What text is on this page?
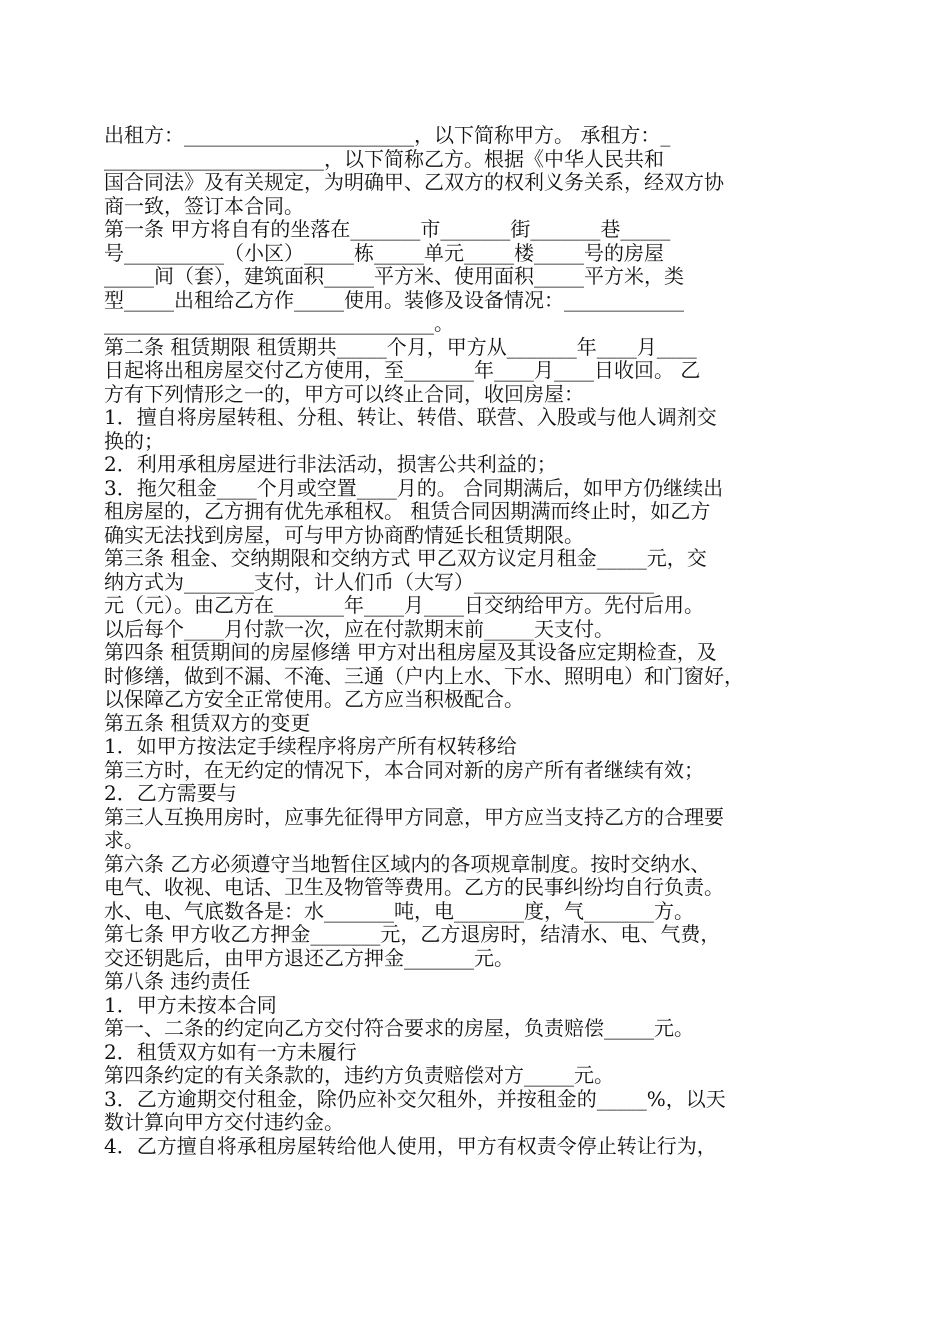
出租方：_______________________，以下简称甲方。 承租方：_
______________________，以下简称乙方。根据《中华人民共和
国合同法》及有关规定，为明确甲、乙双方的权利义务关系，经双方协
商一致，签订本合同。
第一条 甲方将自有的坐落在_______市_______街_______巷_____
号__________（小区）_____栋_____单元_____楼_____号的房屋
_____间（套），建筑面积_____平方米、使用面积_____平方米，类
型_____出租给乙方作_____使用。装修及设备情况：____________
_________________________________。
第二条 租赁期限 租赁期共_____个月，甲方从_______年____月____
日起将出租房屋交付乙方使用，至_______年____月____日收回。 乙
方有下列情形之一的，甲方可以终止合同，收回房屋：
1．擅自将房屋转租、分租、转让、转借、联营、入股或与他人调剂交
换的；
2．利用承租房屋进行非法活动，损害公共利益的；
3．拖欠租金____个月或空置____月的。 合同期满后，如甲方仍继续出
租房屋的，乙方拥有优先承租权。 租赁合同因期满而终止时，如乙方
确实无法找到房屋，可与甲方协商酌情延长租赁期限。
第三条 租金、交纳期限和交纳方式 甲乙双方议定月租金_____元，交
纳方式为_______支付，计人们币（大写）__________________
元（元）。由乙方在_______年____月____日交纳给甲方。先付后用。
以后每个____月付款一次，应在付款期末前_____天支付。
第四条 租赁期间的房屋修缮 甲方对出租房屋及其设备应定期检查，及
时修缮，做到不漏、不淹、三通（户内上水、下水、照明电）和门窗好，
以保障乙方安全正常使用。乙方应当积极配合。
第五条 租赁双方的变更
1．如甲方按法定手续程序将房产所有权转移给
第三方时，在无约定的情况下，本合同对新的房产所有者继续有效；
2．乙方需要与
第三人互换用房时，应事先征得甲方同意，甲方应当支持乙方的合理要
求。
第六条 乙方必须遵守当地暂住区域内的各项规章制度。按时交纳水、
电气、收视、电话、卫生及物管等费用。乙方的民事纠纷均自行负责。
水、电、气底数各是：水_______吨，电_______度，气_______方。
第七条 甲方收乙方押金_______元，乙方退房时，结清水、电、气费，
交还钥匙后，由甲方退还乙方押金_______元。
第八条 违约责任
1．甲方未按本合同
第一、二条的约定向乙方交付符合要求的房屋，负责赔偿_____元。
2．租赁双方如有一方未履行
第四条约定的有关条款的，违约方负责赔偿对方_____元。
3．乙方逾期交付租金，除仍应补交欠租外，并按租金的_____%，以天
数计算向甲方交付违约金。
4．乙方擅自将承租房屋转给他人使用，甲方有权责令停止转让行为，
